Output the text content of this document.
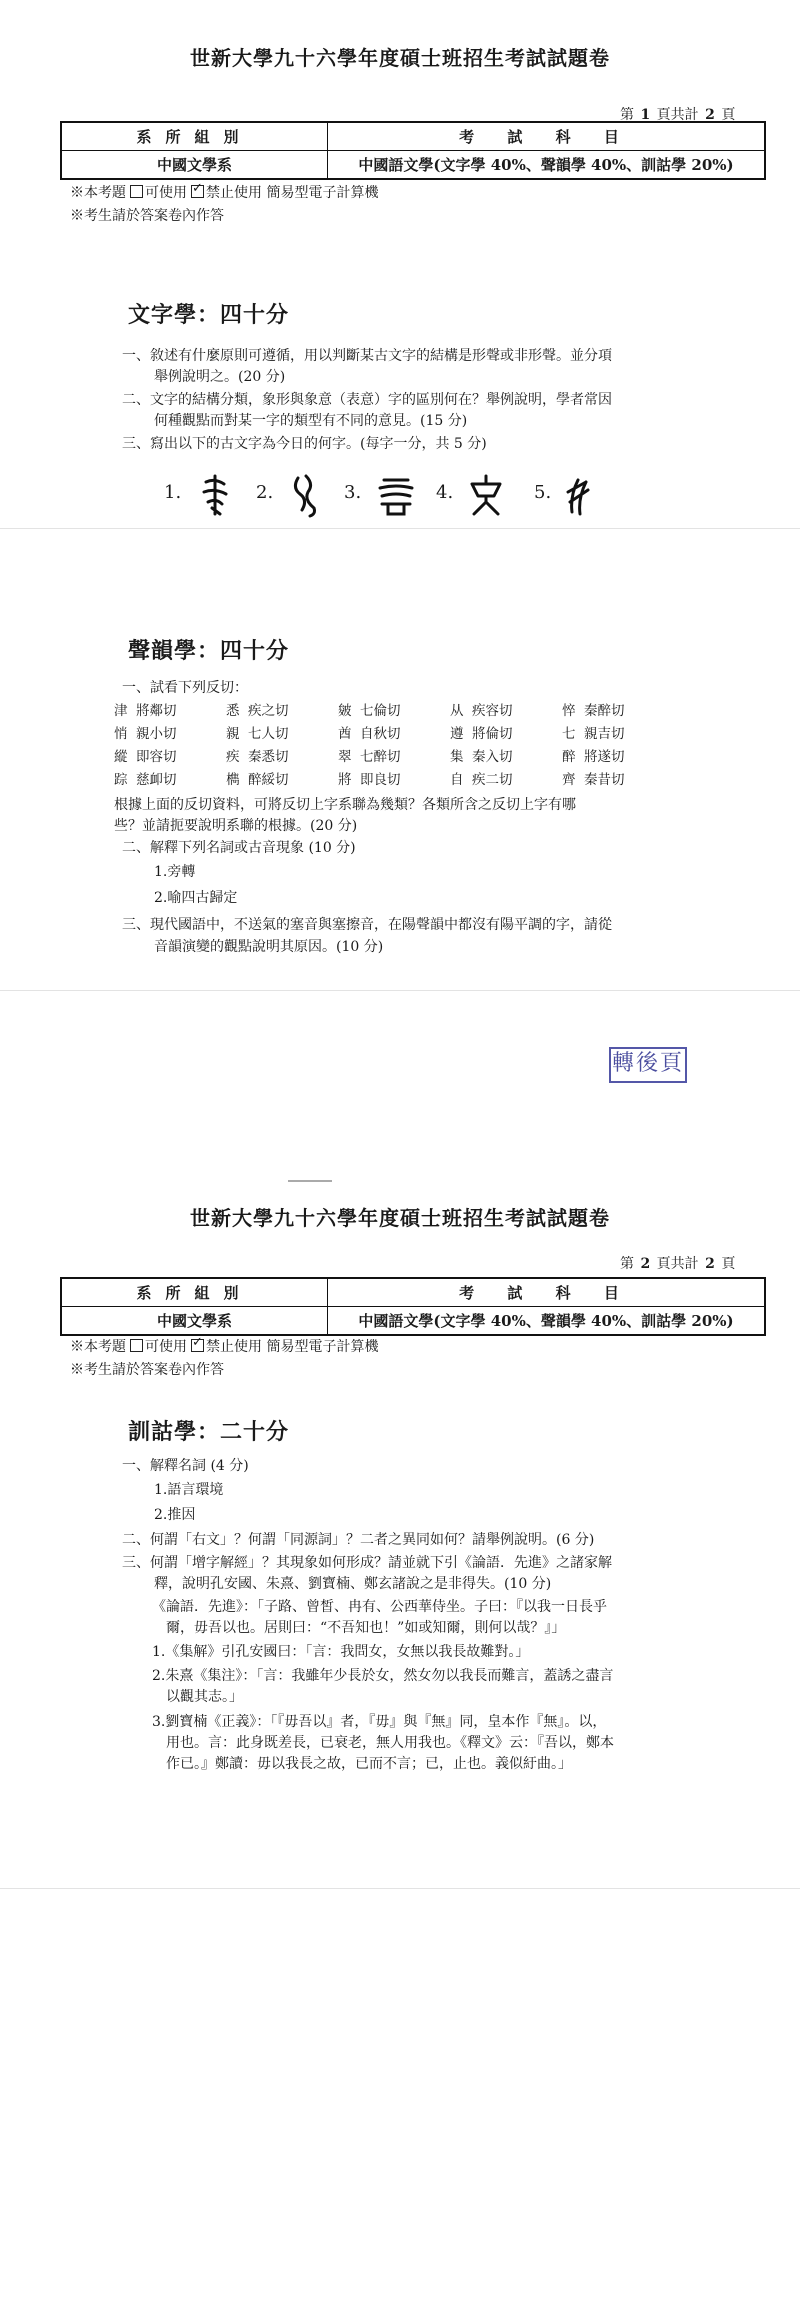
世新大學九十六學年度碩士班招生考試試題卷
第 1 頁共計 2 頁
系所組別	考 試 科 目
中國文學系	中國語文學(文字學 40%、聲韻學 40%、訓詁學 20%)
※本考題 可使用 ✓ 禁止使用 簡易型電子計算機
※考生請於答案卷內作答
文字學：四十分
一、敘述有什麼原則可遵循，用以判斷某古文字的結構是形聲或非形聲。並分項
舉例說明之。(20 分)
二、文字的結構分類，象形與象意（表意）字的區別何在？舉例說明，學者常因
何種觀點而對某一字的類型有不同的意見。(15 分)
三、寫出以下的古文字為今日的何字。(每字一分，共 5 分)
1.	2.	3.	4.	5.
聲韻學：四十分
一、試看下列反切：
津	將鄰切	悉	疾之切	皴	七倫切	从	疾容切	悴	秦醉切
悄	親小切	親	七人切	酋	自秋切	遵	將倫切	七	親吉切
縱	即容切	疾	秦悉切	翠	七醉切	集	秦入切	醉	將遂切
踪	慈卹切	檇	醉綏切	將	即良切	自	疾二切	齊	秦昔切
根據上面的反切資料，可將反切上字系聯為幾類？各類所含之反切上字有哪
些？並請扼要說明系聯的根據。(20 分)
二、解釋下列名詞或古音現象 (10 分)
1.旁轉
2.喻四古歸定
三、現代國語中，不送氣的塞音與塞擦音，在陽聲韻中都沒有陽平調的字，請從
音韻演變的觀點說明其原因。(10 分)
轉後頁
世新大學九十六學年度碩士班招生考試試題卷
第 2 頁共計 2 頁
系所組別	考 試 科 目
中國文學系	中國語文學(文字學 40%、聲韻學 40%、訓詁學 20%)
※本考題 可使用 ✓ 禁止使用 簡易型電子計算機
※考生請於答案卷內作答
訓詁學：二十分
一、解釋名詞 (4 分)
1.語言環境
2.推因
二、何謂「右文」？何謂「同源詞」？二者之異同如何？請舉例說明。(6 分)
三、何謂「增字解經」？其現象如何形成？請並就下引《論語．先進》之諸家解
釋，說明孔安國、朱熹、劉寶楠、鄭玄諸說之是非得失。(10 分)
《論語．先進》：「子路、曾皙、冉有、公西華侍坐。子曰：『以我一日長乎
爾，毋吾以也。居則曰：“不吾知也！”如或知爾，則何以哉？』」
1.《集解》引孔安國曰：「言：我問女，女無以我長故難對。」
2.朱熹《集注》：「言：我雖年少長於女，然女勿以我長而難言，蓋誘之盡言
以觀其志。」
3.劉寶楠《正義》：「『毋吾以』者，『毋』與『無』同，皇本作『無』。以，
用也。言：此身既差長，已衰老，無人用我也。《釋文》云：『吾以，鄭本
作已。』鄭讀：毋以我長之故，已而不言；已，止也。義似紆曲。」
